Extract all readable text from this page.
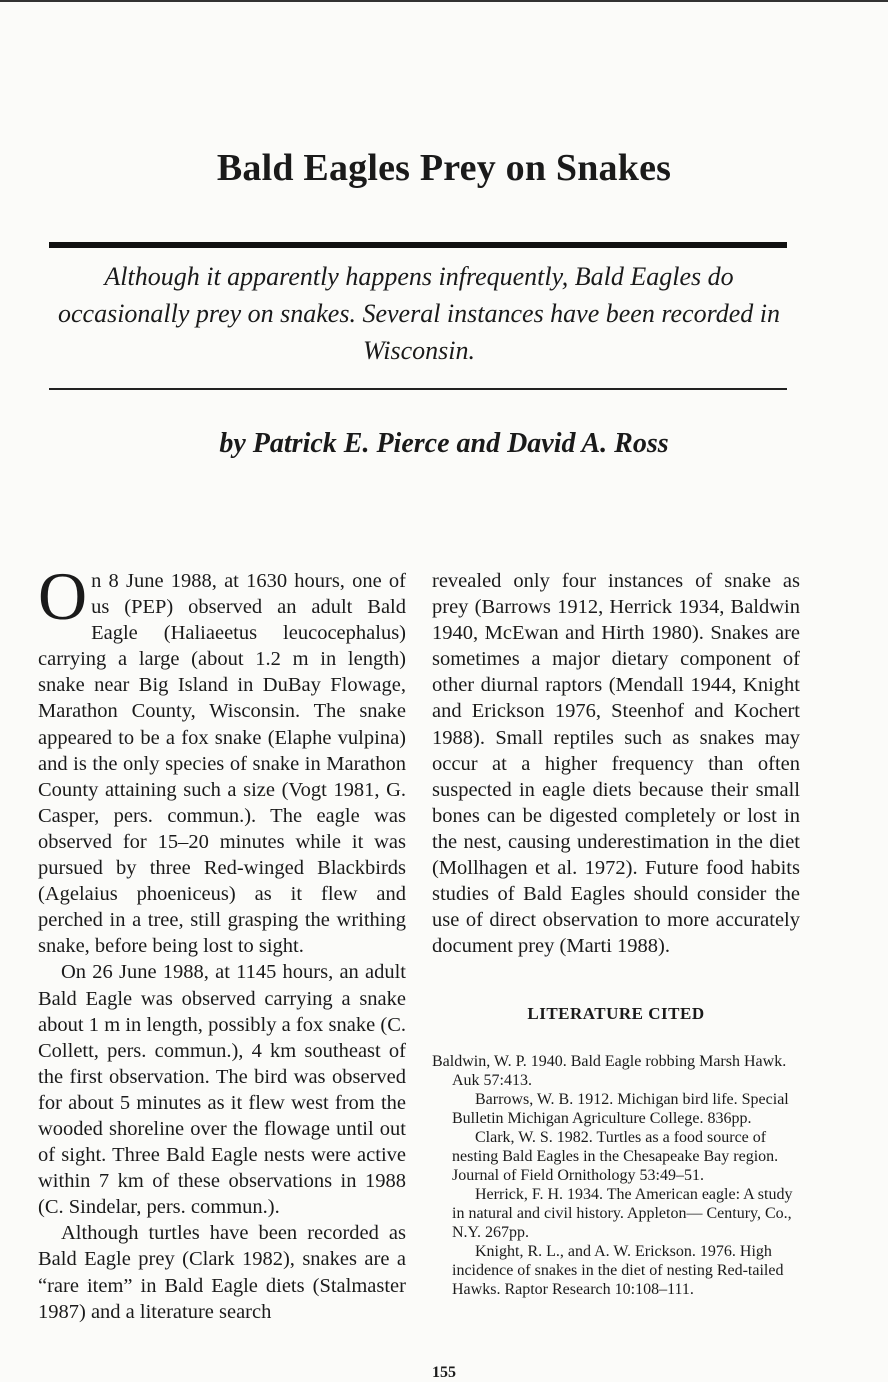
Bald Eagles Prey on Snakes
Although it apparently happens infrequently, Bald Eagles do occasionally prey on snakes. Several instances have been recorded in Wisconsin.
by Patrick E. Pierce and David A. Ross

On 8 June 1988, at 1630 hours, one of us (PEP) observed an adult Bald Eagle (Haliaeetus leucocephalus) carrying a large (about 1.2 m in length) snake near Big Island in DuBay Flowage, Marathon County, Wisconsin. The snake appeared to be a fox snake (Elaphe vulpina) and is the only species of snake in Marathon County attaining such a size (Vogt 1981, G. Casper, pers. commun.). The eagle was observed for 15–20 minutes while it was pursued by three Red-winged Blackbirds (Agelaius phoeniceus) as it flew and perched in a tree, still grasping the writhing snake, before being lost to sight.

On 26 June 1988, at 1145 hours, an adult Bald Eagle was observed carrying a snake about 1 m in length, possibly a fox snake (C. Collett, pers. commun.), 4 km southeast of the first observation. The bird was observed for about 5 minutes as it flew west from the wooded shoreline over the flowage until out of sight. Three Bald Eagle nests were active within 7 km of these observations in 1988 (C. Sindelar, pers. commun.).

Although turtles have been recorded as Bald Eagle prey (Clark 1982), snakes are a “rare item” in Bald Eagle diets (Stalmaster 1987) and a literature search

revealed only four instances of snake as prey (Barrows 1912, Herrick 1934, Baldwin 1940, McEwan and Hirth 1980). Snakes are sometimes a major dietary component of other diurnal raptors (Mendall 1944, Knight and Erickson 1976, Steenhof and Kochert 1988). Small reptiles such as snakes may occur at a higher frequency than often suspected in eagle diets because their small bones can be digested completely or lost in the nest, causing underestimation in the diet (Mollhagen et al. 1972). Future food habits studies of Bald Eagles should consider the use of direct observation to more accurately document prey (Marti 1988).

LITERATURE CITED

Baldwin, W. P. 1940. Bald Eagle robbing Marsh Hawk. Auk 57:413.

Barrows, W. B. 1912. Michigan bird life. Special Bulletin Michigan Agriculture College. 836pp.

Clark, W. S. 1982. Turtles as a food source of nesting Bald Eagles in the Chesapeake Bay region. Journal of Field Ornithology 53:49–51.

Herrick, F. H. 1934. The American eagle: A study in natural and civil history. Appleton— Century, Co., N.Y. 267pp.

Knight, R. L., and A. W. Erickson. 1976. High incidence of snakes in the diet of nesting Red-tailed Hawks. Raptor Research 10:108–111.

155
